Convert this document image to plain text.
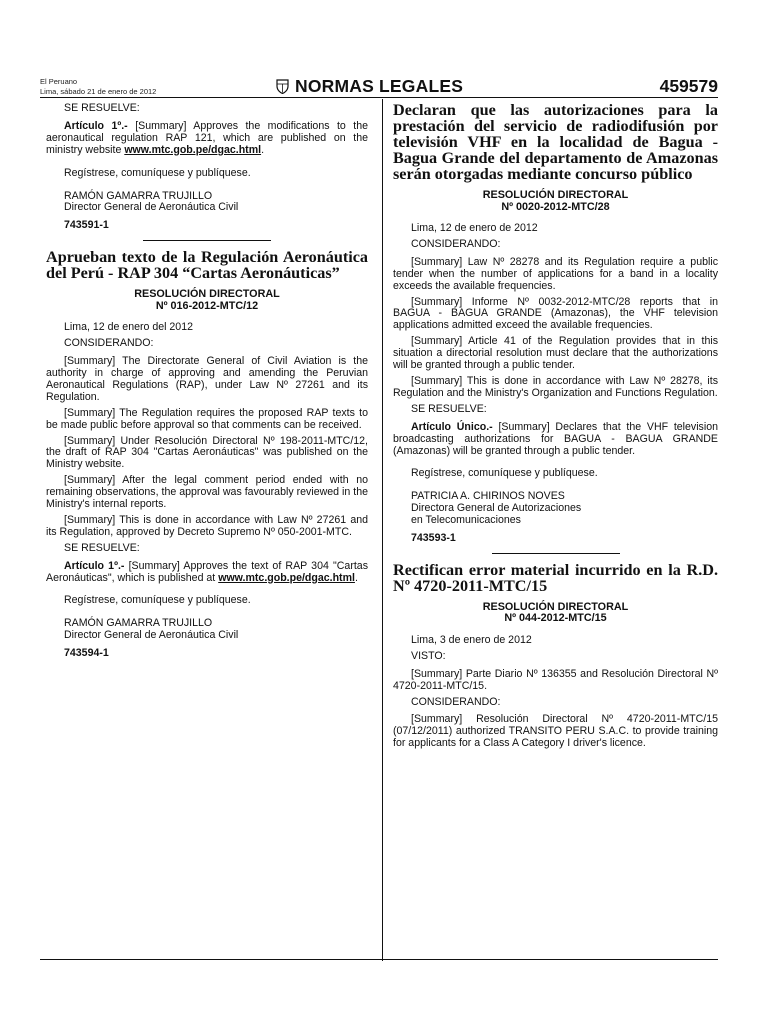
El Peruano
Lima, sábado 21 de enero de 2012	NORMAS LEGALES	459579

SE RESUELVE:

Artículo 1º.- [Summary] Approves the modifications to the aeronautical regulation RAP 121, which are published on the ministry website www.mtc.gob.pe/dgac.html.

Regístrese, comuníquese y publíquese.

RAMÓN GAMARRA TRUJILLO
Director General de Aeronáutica Civil

743591-1

Aprueban texto de la Regulación Aeronáutica del Perú - RAP 304 “Cartas Aeronáuticas”
RESOLUCIÓN DIRECTORAL
Nº 016-2012-MTC/12

Lima, 12 de enero del 2012

CONSIDERANDO:

[Summary] The Directorate General of Civil Aviation is the authority in charge of approving and amending the Peruvian Aeronautical Regulations (RAP), under Law Nº 27261 and its Regulation.

[Summary] The Regulation requires the proposed RAP texts to be made public before approval so that comments can be received.

[Summary] Under Resolución Directoral Nº 198-2011-MTC/12, the draft of RAP 304 "Cartas Aeronáuticas" was published on the Ministry website.

[Summary] After the legal comment period ended with no remaining observations, the approval was favourably reviewed in the Ministry's internal reports.

[Summary] This is done in accordance with Law Nº 27261 and its Regulation, approved by Decreto Supremo Nº 050-2001-MTC.

SE RESUELVE:

Artículo 1º.- [Summary] Approves the text of RAP 304 "Cartas Aeronáuticas", which is published at www.mtc.gob.pe/dgac.html.

Regístrese, comuníquese y publíquese.

RAMÓN GAMARRA TRUJILLO
Director General de Aeronáutica Civil

743594-1

Declaran que las autorizaciones para la prestación del servicio de radiodifusión por televisión VHF en la localidad de Bagua - Bagua Grande del departamento de Amazonas serán otorgadas mediante concurso público
RESOLUCIÓN DIRECTORAL
Nº 0020-2012-MTC/28

Lima, 12 de enero de 2012

CONSIDERANDO:

[Summary] Law Nº 28278 and its Regulation require a public tender when the number of applications for a band in a locality exceeds the available frequencies.

[Summary] Informe Nº 0032-2012-MTC/28 reports that in BAGUA - BAGUA GRANDE (Amazonas), the VHF television applications admitted exceed the available frequencies.

[Summary] Article 41 of the Regulation provides that in this situation a directorial resolution must declare that the authorizations will be granted through a public tender.

[Summary] This is done in accordance with Law Nº 28278, its Regulation and the Ministry's Organization and Functions Regulation.

SE RESUELVE:

Artículo Único.- [Summary] Declares that the VHF television broadcasting authorizations for BAGUA - BAGUA GRANDE (Amazonas) will be granted through a public tender.

Regístrese, comuníquese y publíquese.

PATRICIA A. CHIRINOS NOVES
Directora General de Autorizaciones
en Telecomunicaciones

743593-1

Rectifican error material incurrido en la R.D. Nº 4720-2011-MTC/15
RESOLUCIÓN DIRECTORAL
Nº 044-2012-MTC/15

Lima, 3 de enero de 2012

VISTO:

[Summary] Parte Diario Nº 136355 and Resolución Directoral Nº 4720-2011-MTC/15.

CONSIDERANDO:

[Summary] Resolución Directoral Nº 4720-2011-MTC/15 (07/12/2011) authorized TRANSITO PERU S.A.C. to provide training for applicants for a Class A Category I driver's licence.
